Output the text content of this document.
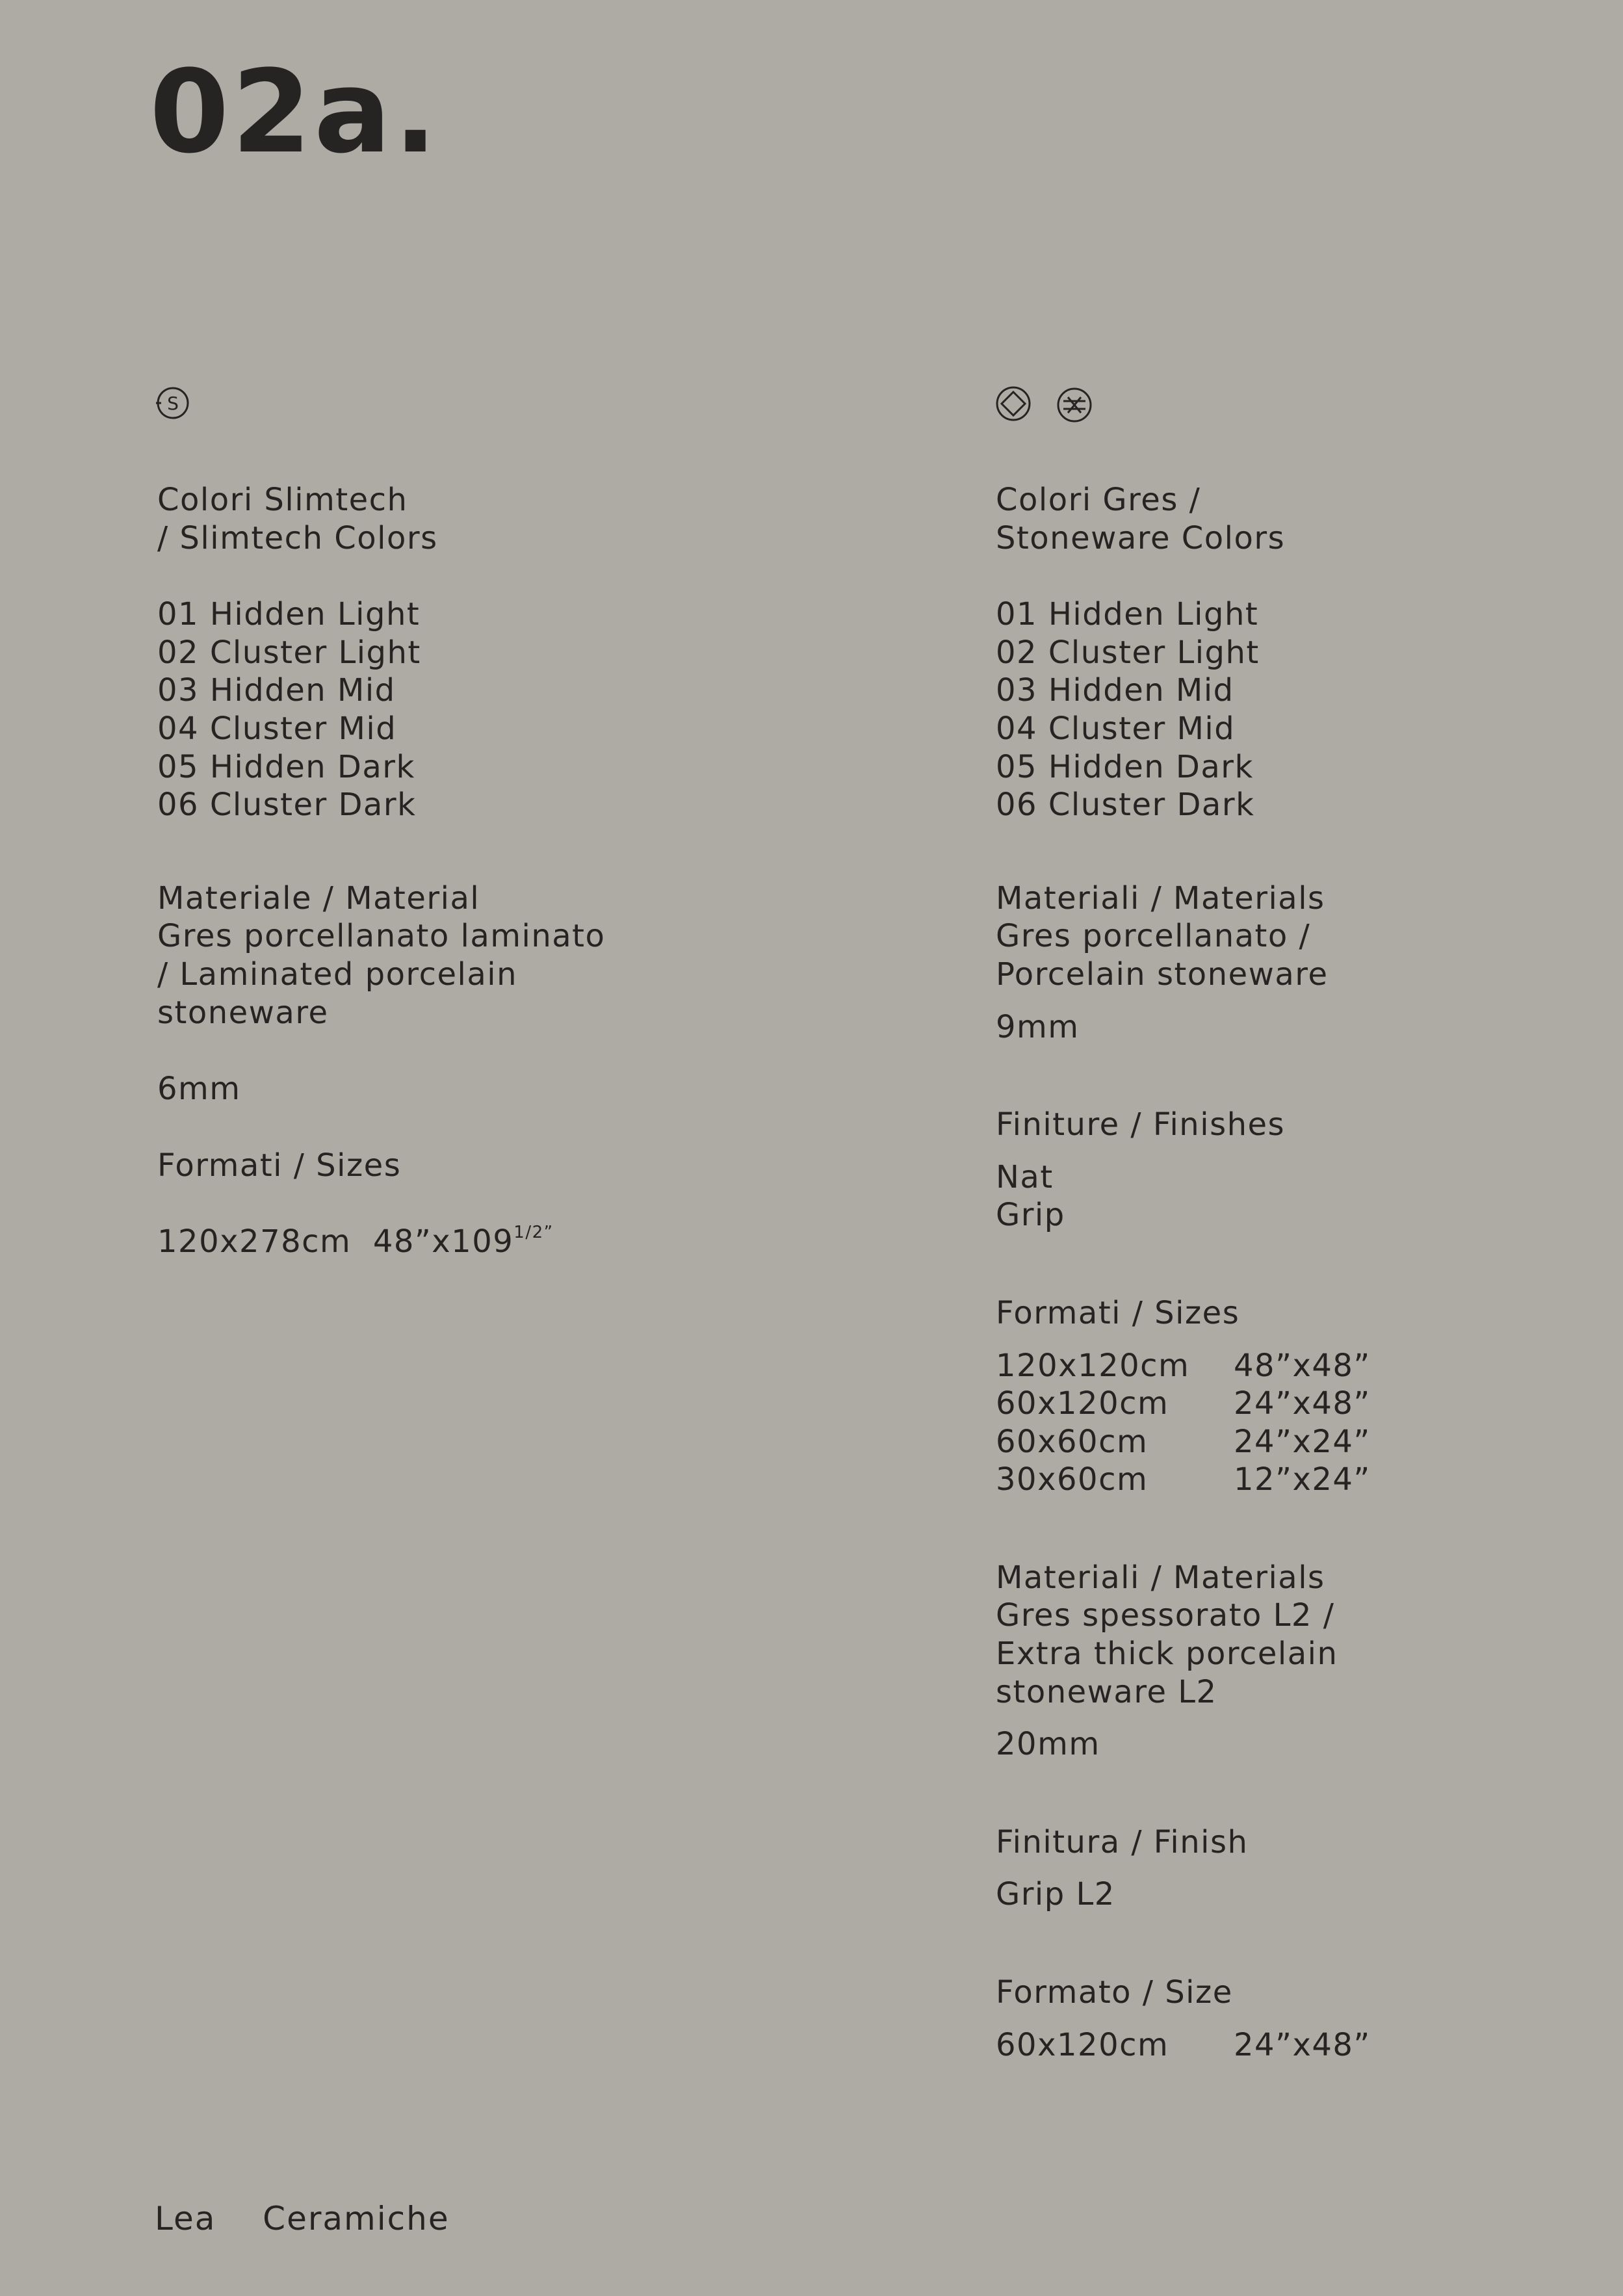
02a.
S
Colori Slimtech
/ Slimtech Colors
01 Hidden Light
02 Cluster Light
03 Hidden Mid
04 Cluster Mid
05 Hidden Dark
06 Cluster Dark
Materiale / Material
Gres porcellanato laminato
/ Laminated porcelain
stoneware
6mm
Formati / Sizes
120x278cm $48”x109^{1/2”}$
Colori Gres /
Stoneware Colors
01 Hidden Light
02 Cluster Light
03 Hidden Mid
04 Cluster Mid
05 Hidden Dark
06 Cluster Dark
Materiali / Materials
Gres porcellanato /
Porcelain stoneware
9mm
Finiture / Finishes
Nat
Grip
Formati / Sizes
120x120cm	48”x48”
60x120cm	24”x48”
60x60cm	24”x24”
30x60cm	12”x24”
Materiali / Materials
Gres spessorato L2 /
Extra thick porcelain
stoneware L2
20mm
Finitura / Finish
Grip L2
Formato / Size
60x120cm	24”x48”
Lea  Ceramiche
